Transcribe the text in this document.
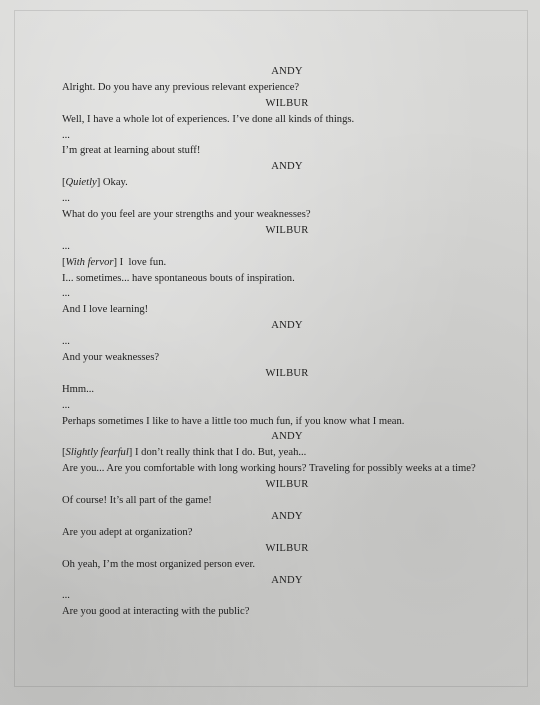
ANDY
Alright. Do you have any previous relevant experience?
WILBUR
Well, I have a whole lot of experiences. I’ve done all kinds of things.
...
I’m great at learning about stuff!
ANDY
[Quietly] Okay.
...
What do you feel are your strengths and your weaknesses?
WILBUR
...
[With fervor] I  love fun.
I... sometimes... have spontaneous bouts of inspiration.
...
And I love learning!
ANDY
...
And your weaknesses?
WILBUR
Hmm...
...
Perhaps sometimes I like to have a little too much fun, if you know what I mean.
ANDY
[Slightly fearful] I don’t really think that I do. But, yeah...
Are you... Are you comfortable with long working hours? Traveling for possibly weeks at a time?
WILBUR
Of course! It’s all part of the game!
ANDY
Are you adept at organization?
WILBUR
Oh yeah, I’m the most organized person ever.
ANDY
...
Are you good at interacting with the public?
